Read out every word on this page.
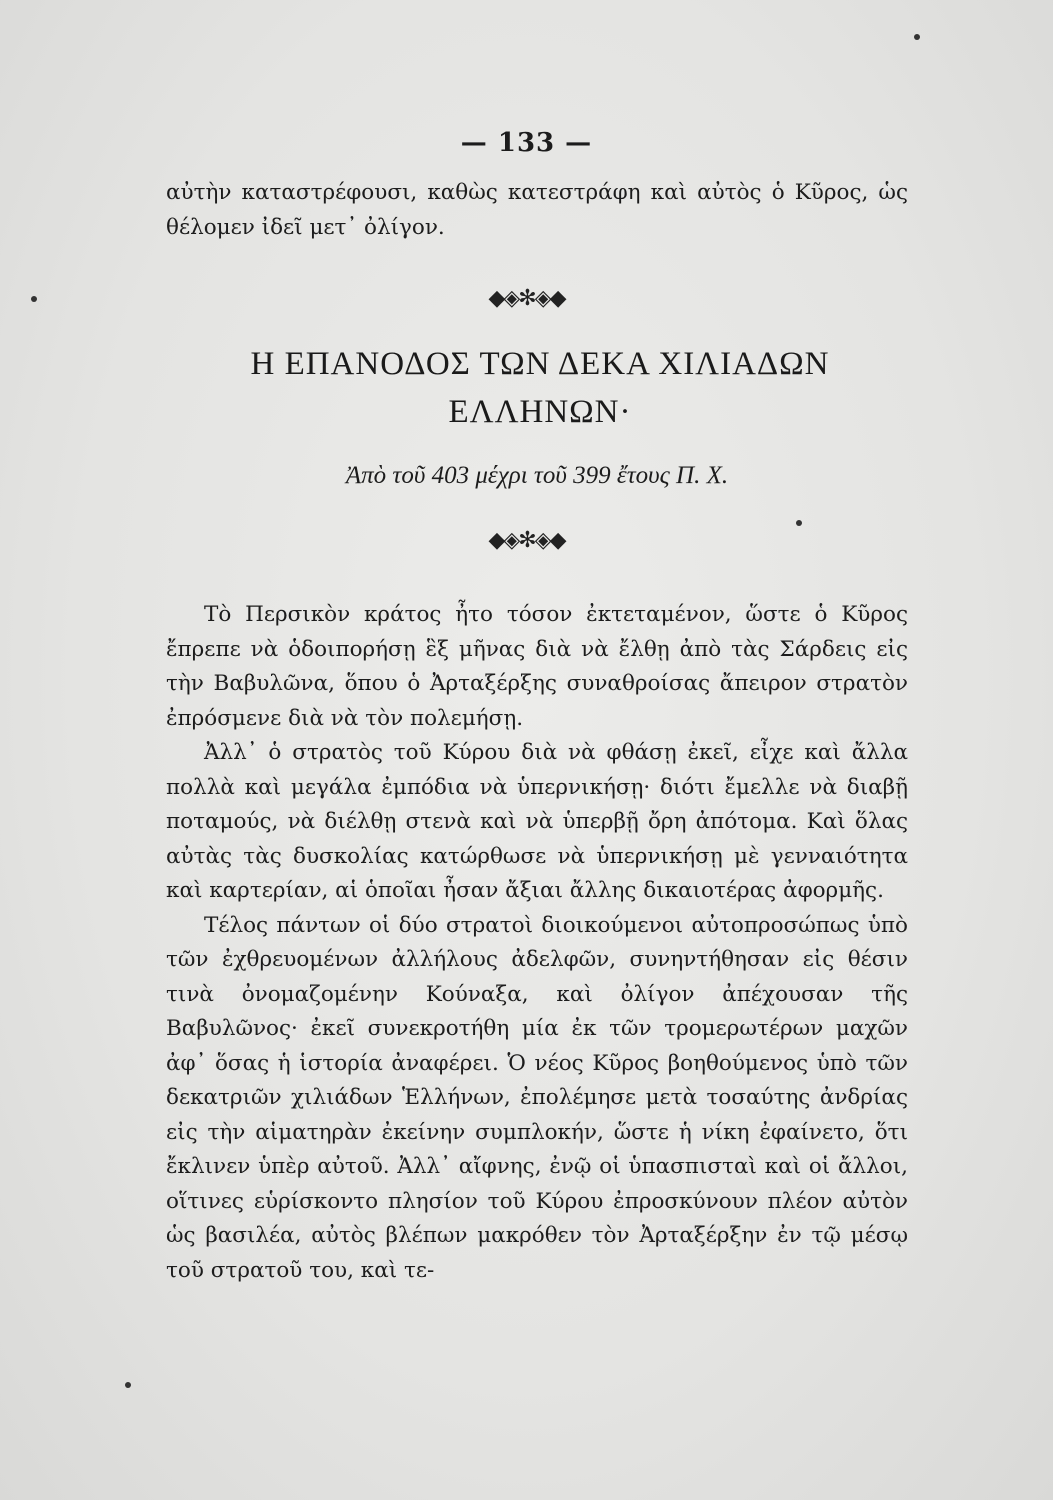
— 133 —
αὐτὴν καταστρέφουσι, καθὼς κατεστράφη καὶ αὐτὸς ὁ Κῦρος, ὡς θέλομεν ἰδεῖ μετ᾽ ὀλίγον.
◆◈✻◈◆
Η ΕΠΑΝΟΔΟΣ ΤΩΝ ΔΕΚΑ ΧΙΛΙΑΔΩΝ ΕΛΛΗΝΩΝ·
Ἀπὸ τοῦ 403 μέχρι τοῦ 399 ἔτους Π. Χ.
◆◈✻◈◆

Τὸ Περσικὸν κράτος ἦτο τόσον ἐκτεταμένον, ὥστε ὁ Κῦρος ἔπρεπε νὰ ὁδοιπορήσῃ ἓξ μῆνας διὰ νὰ ἔλθῃ ἀπὸ τὰς Σάρδεις εἰς τὴν Βαβυλῶνα, ὅπου ὁ Ἀρταξέρξης συναθροίσας ἄπειρον στρατὸν ἐπρόσμενε διὰ νὰ τὸν πολεμήσῃ.

Ἀλλ᾽ ὁ στρατὸς τοῦ Κύρου διὰ νὰ φθάσῃ ἐκεῖ, εἶχε καὶ ἄλλα πολλὰ καὶ μεγάλα ἐμπόδια νὰ ὑπερνικήσῃ· διότι ἔμελλε νὰ διαβῇ ποταμούς, νὰ διέλθῃ στενὰ καὶ νὰ ὑπερβῇ ὄρη ἀπότομα. Καὶ ὅλας αὐτὰς τὰς δυσκολίας κατώρθωσε νὰ ὑπερνικήσῃ μὲ γενναιότητα καὶ καρτερίαν, αἱ ὁποῖαι ἦσαν ἄξιαι ἄλλης δικαιοτέρας ἀφορμῆς.

Τέλος πάντων οἱ δύο στρατοὶ διοικούμενοι αὐτοπροσώπως ὑπὸ τῶν ἐχθρευομένων ἀλλήλους ἀδελφῶν, συνηντήθησαν εἰς θέσιν τινὰ ὀνομαζομένην Κούναξα, καὶ ὀλίγον ἀπέχουσαν τῆς Βαβυλῶνος· ἐκεῖ συνεκροτήθη μία ἐκ τῶν τρομερωτέρων μαχῶν ἀφ᾽ ὅσας ἡ ἱστορία ἀναφέρει. Ὁ νέος Κῦρος βοηθούμενος ὑπὸ τῶν δεκατριῶν χιλιάδων Ἑλλήνων, ἐπολέμησε μετὰ τοσαύτης ἀνδρίας εἰς τὴν αἱματηρὰν ἐκείνην συμπλοκήν, ὥστε ἡ νίκη ἐφαίνετο, ὅτι ἔκλινεν ὑπὲρ αὐτοῦ. Ἀλλ᾽ αἴφνης, ἐνῷ οἱ ὑπασπισταὶ καὶ οἱ ἄλλοι, οἵτινες εὑρίσκοντο πλησίον τοῦ Κύρου ἐπροσκύνουν πλέον αὐτὸν ὡς βασιλέα, αὐτὸς βλέπων μακρόθεν τὸν Ἀρταξέρξην ἐν τῷ μέσῳ τοῦ στρατοῦ του, καὶ τε-
